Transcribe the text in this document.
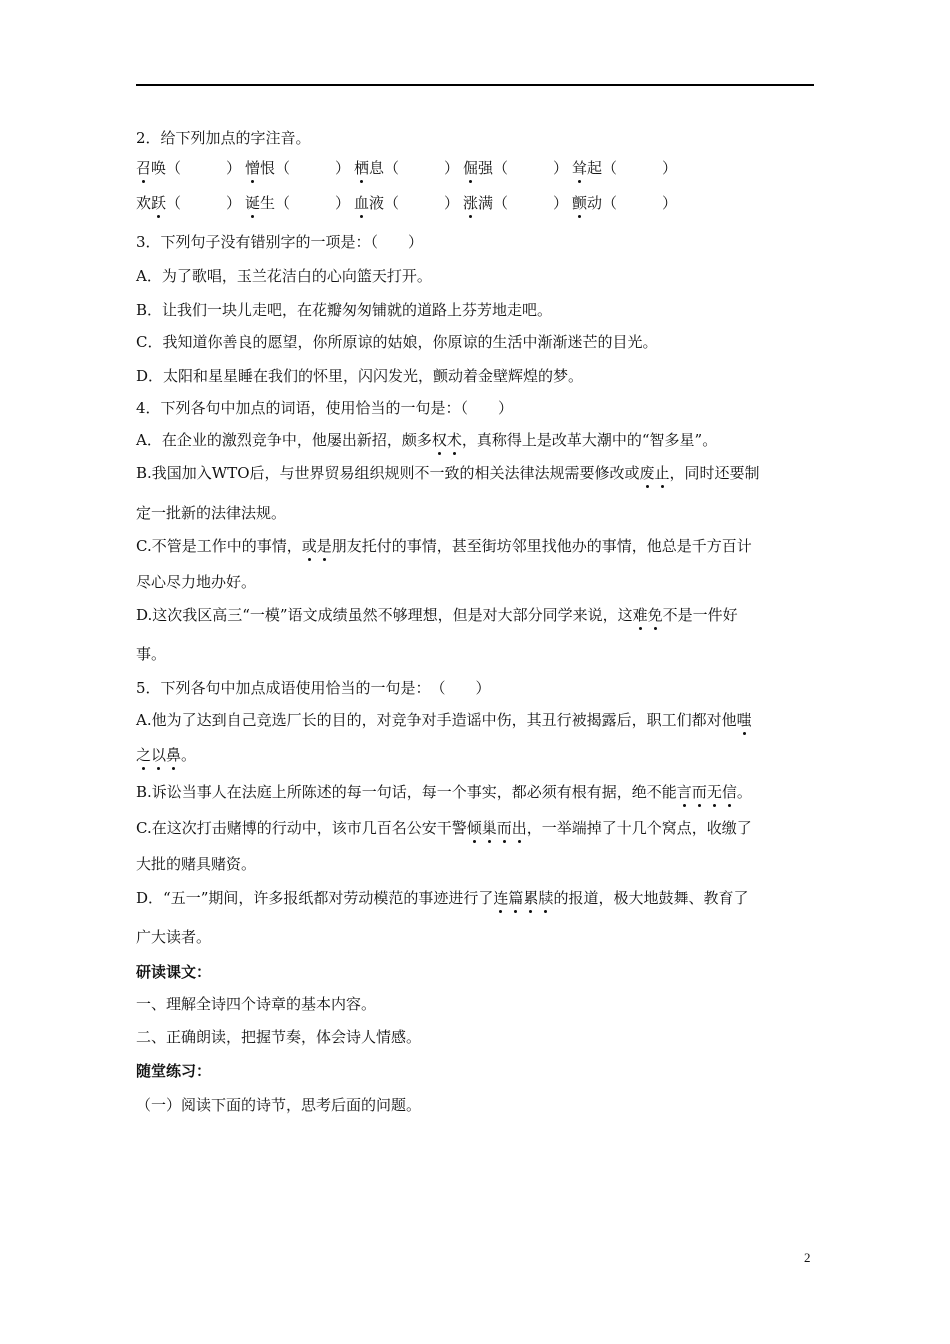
2．给下列加点的字注音。
召唤（　　　） 憎恨（　　　） 栖息（　　　） 倔强（　　　） 耸起（　　　）
欢跃（　　　） 诞生（　　　） 血液（　　　） 涨满（　　　） 颤动（　　　）
3．下列句子没有错别字的一项是：（　　）
A．为了歌唱，玉兰花洁白的心向篮天打开。
B．让我们一块儿走吧，在花瓣匆匆铺就的道路上芬芳地走吧。
C．我知道你善良的愿望，你所原谅的姑娘，你原谅的生活中渐渐迷芒的目光。
D．太阳和星星睡在我们的怀里，闪闪发光，颤动着金壁辉煌的梦。
4．下列各句中加点的词语，使用恰当的一句是：（　　）
A．在企业的激烈竞争中，他屡出新招，颇多权术，真称得上是改革大潮中的“智多星”。
B.我国加入WTO后，与世界贸易组织规则不一致的相关法律法规需要修改或废止，同时还要制
定一批新的法律法规。
C.不管是工作中的事情，或是朋友托付的事情，甚至街坊邻里找他办的事情，他总是千方百计
尽心尽力地办好。
D.这次我区高三“一模”语文成绩虽然不够理想，但是对大部分同学来说，这难免不是一件好
事。
5．下列各句中加点成语使用恰当的一句是：　（　　）
A.他为了达到自己竞选厂长的目的，对竞争对手造谣中伤，其丑行被揭露后，职工们都对他嗤
之以鼻。
B.诉讼当事人在法庭上所陈述的每一句话，每一个事实，都必须有根有据，绝不能言而无信。
C.在这次打击赌博的行动中，该市几百名公安干警倾巢而出，一举端掉了十几个窝点，收缴了
大批的赌具赌资。
D．“五一”期间，许多报纸都对劳动模范的事迹进行了连篇累牍的报道，极大地鼓舞、教育了
广大读者。
研读课文：
一、理解全诗四个诗章的基本内容。
二、正确朗读，把握节奏，体会诗人情感。
随堂练习：
（一）阅读下面的诗节，思考后面的问题。
2
